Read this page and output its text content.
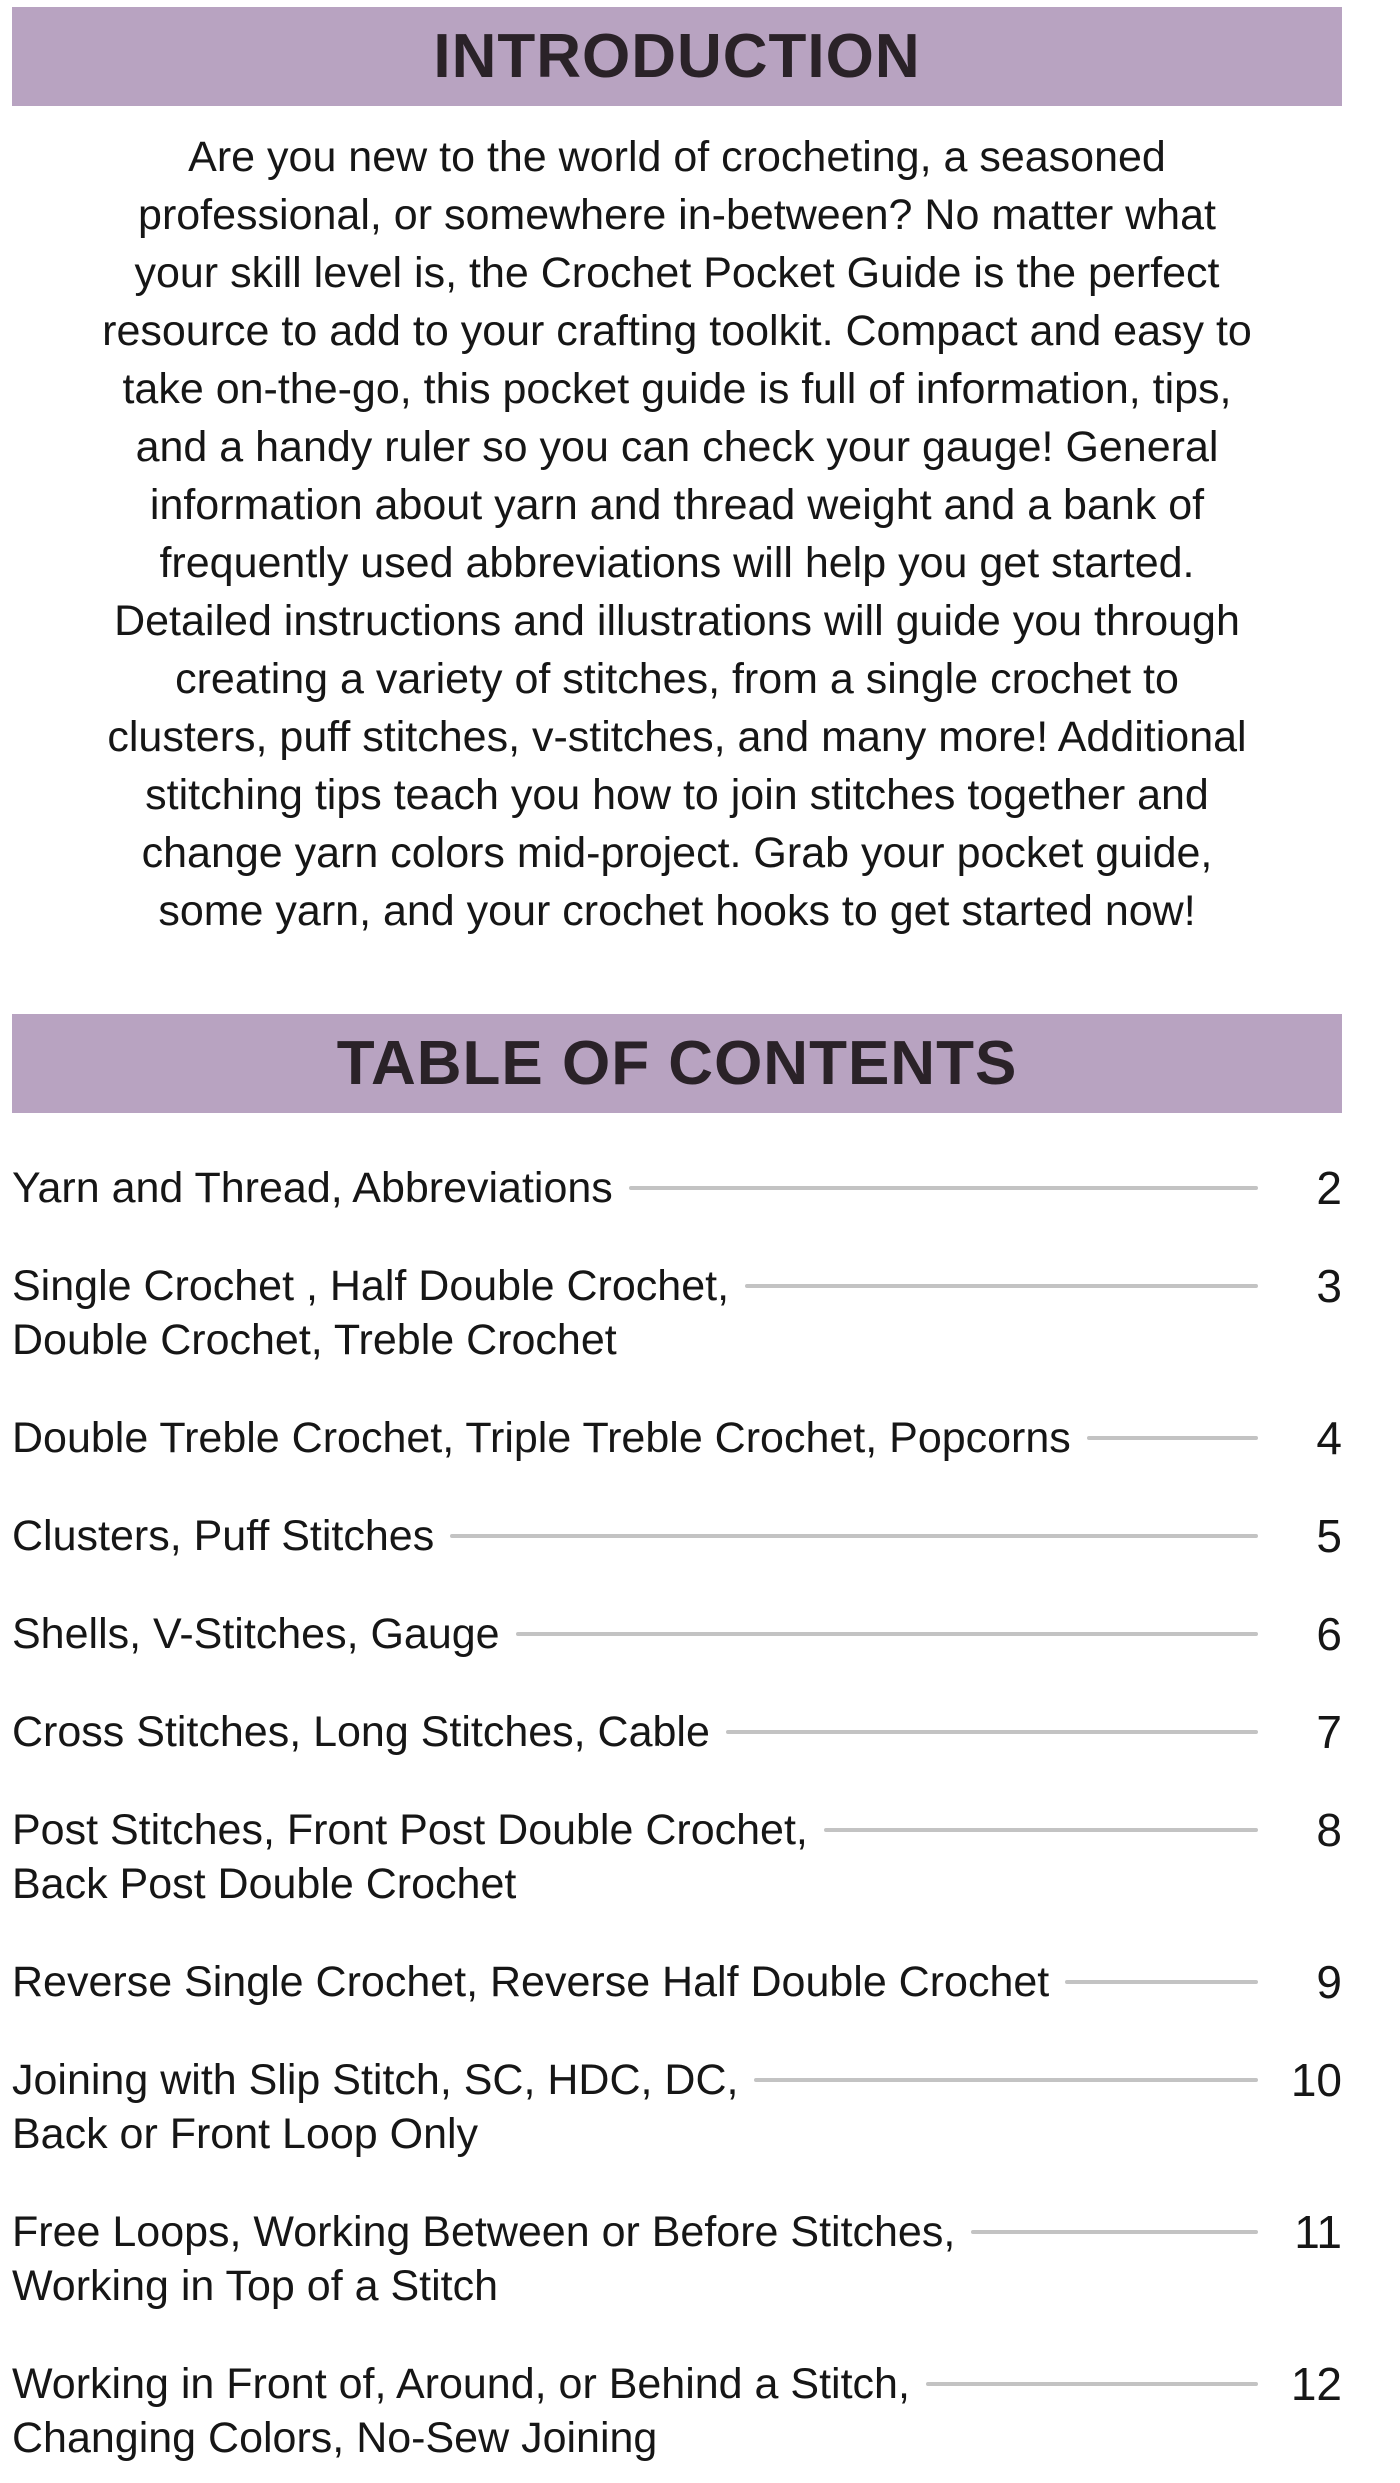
INTRODUCTION
Are you new to the world of crocheting, a seasoned
professional, or somewhere in-between? No matter what
your skill level is, the Crochet Pocket Guide is the perfect
resource to add to your crafting toolkit. Compact and easy to
take on-the-go, this pocket guide is full of information, tips,
and a handy ruler so you can check your gauge! General
information about yarn and thread weight and a bank of
frequently used abbreviations will help you get started.
Detailed instructions and illustrations will guide you through
creating a variety of stitches, from a single crochet to
clusters, puff stitches, v-stitches, and many more! Additional
stitching tips teach you how to join stitches together and
change yarn colors mid-project. Grab your pocket guide,
some yarn, and your crochet hooks to get started now!
TABLE OF CONTENTS
Yarn and Thread, Abbreviations	2
Single Crochet , Half Double Crochet,	3
Double Crochet, Treble Crochet
Double Treble Crochet, Triple Treble Crochet, Popcorns	4
Clusters, Puff Stitches	5
Shells, V-Stitches, Gauge	6
Cross Stitches, Long Stitches, Cable	7
Post Stitches, Front Post Double Crochet,	8
Back Post Double Crochet
Reverse Single Crochet, Reverse Half Double Crochet	9
Joining with Slip Stitch, SC, HDC, DC,	10
Back or Front Loop Only
Free Loops, Working Between or Before Stitches,	11
Working in Top of a Stitch
Working in Front of, Around, or Behind a Stitch,	12
Changing Colors, No-Sew Joining
